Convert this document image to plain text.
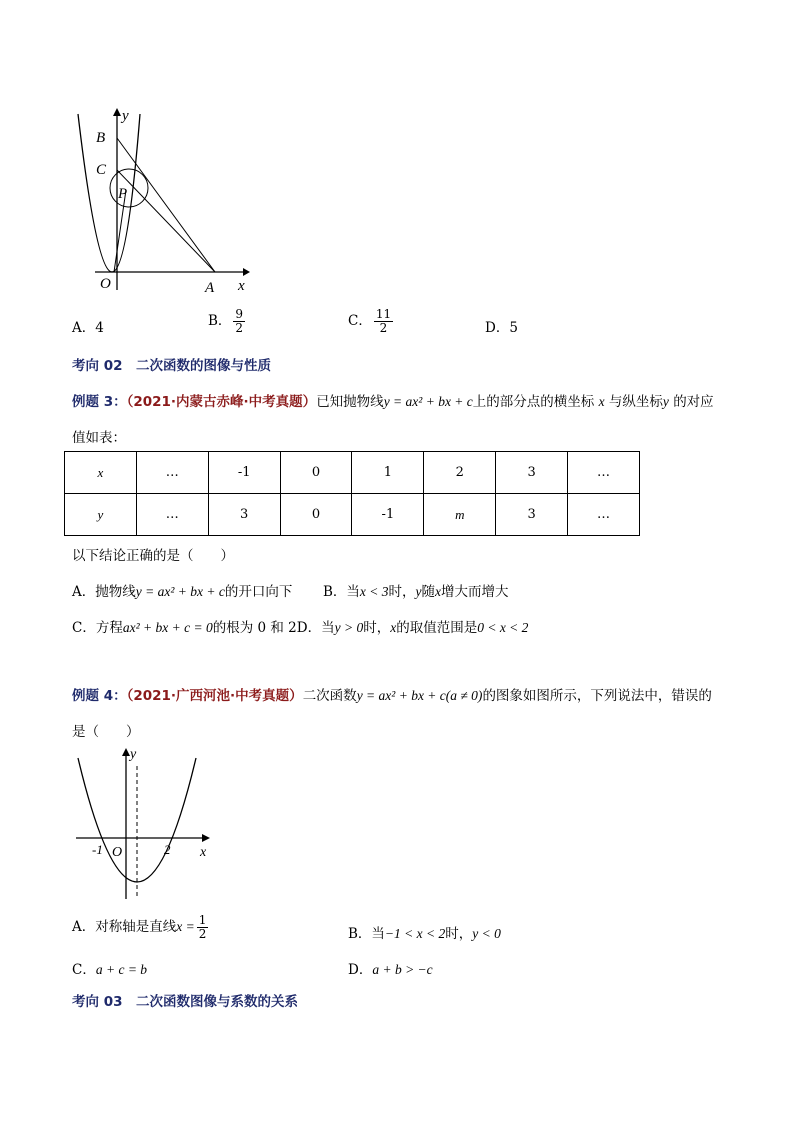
B
C
P
O	A x
y
A．4	B． $\frac{9}{2}$	C． $\frac{11}{2}$	D．5
考向 02　二次函数的图像与性质
例题 3：（2021·内蒙古赤峰·中考真题）已知抛物线y = ax² + bx + c上的部分点的横坐标 x 与纵坐标y 的对应
值如表：
x	…	-1	0	1	2	3	…
y	…	3	0	-1	m	3	…
以下结论正确的是（　　）
A．抛物线y = ax² + bx + c的开口向下 B．当x < 3时，y随x增大而增大
C．方程ax² + bx + c = 0的根为 0 和 2D．当y > 0时，x的取值范围是0 < x < 2
例题 4：（2021·广西河池·中考真题）二次函数y = ax² + bx + c(a ≠ 0)的图象如图所示，下列说法中，错误的
是（　　）
y
x
O
-1	2
A．对称轴是直线$x = \frac{1}{2}$	B．当−1 < x < 2时，y < 0
C．a + c = b	D．a + b > −c
考向 03　二次函数图像与系数的关系
